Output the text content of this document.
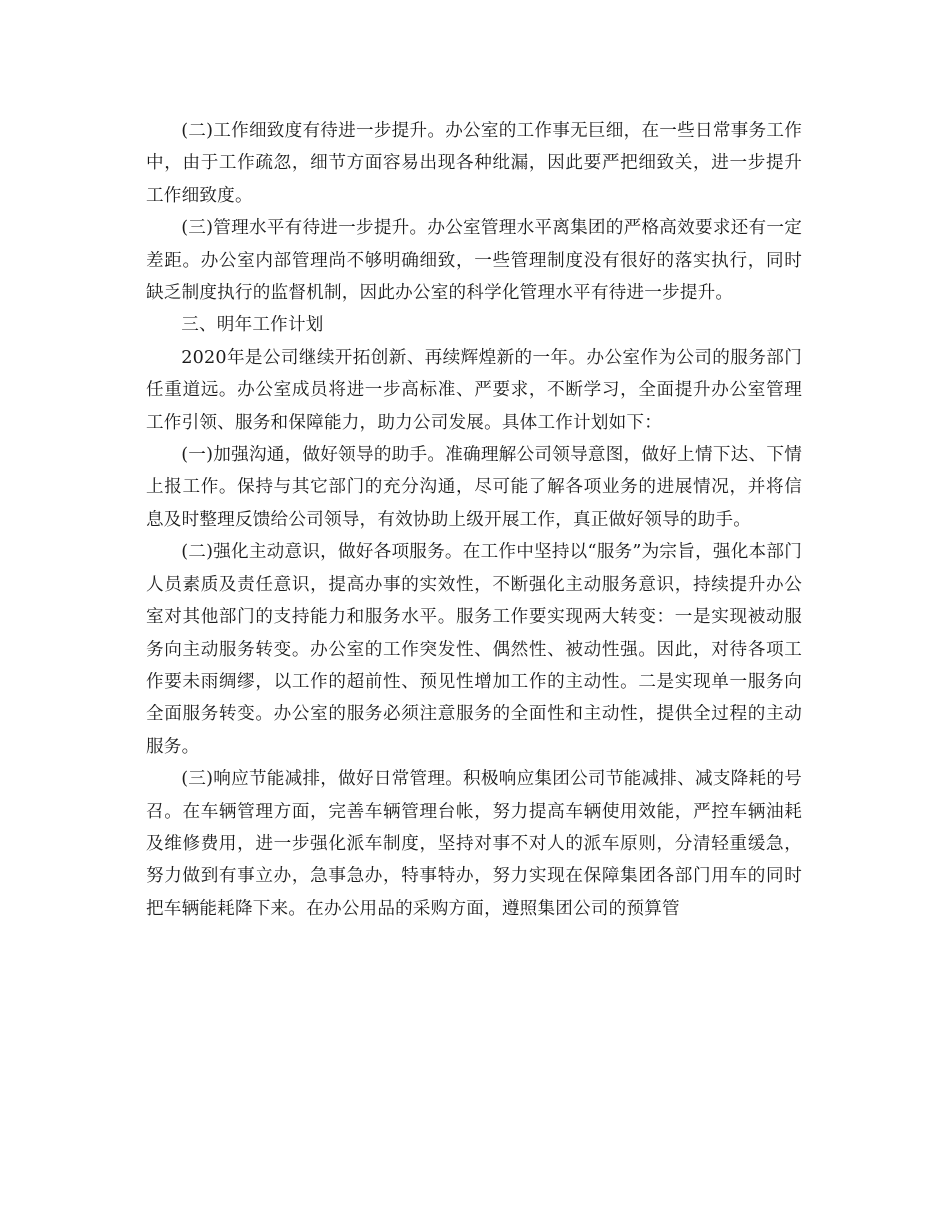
(二)工作细致度有待进一步提升。办公室的工作事无巨细，在一些日常事务工作中，由于工作疏忽，细节方面容易出现各种纰漏，因此要严把细致关，进一步提升工作细致度。

(三)管理水平有待进一步提升。办公室管理水平离集团的严格高效要求还有一定差距。办公室内部管理尚不够明确细致，一些管理制度没有很好的落实执行，同时缺乏制度执行的监督机制，因此办公室的科学化管理水平有待进一步提升。

三、明年工作计划

2020年是公司继续开拓创新、再续辉煌新的一年。办公室作为公司的服务部门任重道远。办公室成员将进一步高标准、严要求，不断学习，全面提升办公室管理工作引领、服务和保障能力，助力公司发展。具体工作计划如下：

(一)加强沟通，做好领导的助手。准确理解公司领导意图，做好上情下达、下情上报工作。保持与其它部门的充分沟通，尽可能了解各项业务的进展情况，并将信息及时整理反馈给公司领导，有效协助上级开展工作，真正做好领导的助手。

(二)强化主动意识，做好各项服务。在工作中坚持以“服务”为宗旨，强化本部门人员素质及责任意识，提高办事的实效性，不断强化主动服务意识，持续提升办公室对其他部门的支持能力和服务水平。服务工作要实现两大转变：一是实现被动服务向主动服务转变。办公室的工作突发性、偶然性、被动性强。因此，对待各项工作要未雨绸缪，以工作的超前性、预见性增加工作的主动性。二是实现单一服务向全面服务转变。办公室的服务必须注意服务的全面性和主动性，提供全过程的主动服务。

(三)响应节能减排，做好日常管理。积极响应集团公司节能减排、减支降耗的号召。在车辆管理方面，完善车辆管理台帐，努力提高车辆使用效能，严控车辆油耗及维修费用，进一步强化派车制度，坚持对事不对人的派车原则，分清轻重缓急，努力做到有事立办，急事急办，特事特办，努力实现在保障集团各部门用车的同时把车辆能耗降下来。在办公用品的采购方面，遵照集团公司的预算管
